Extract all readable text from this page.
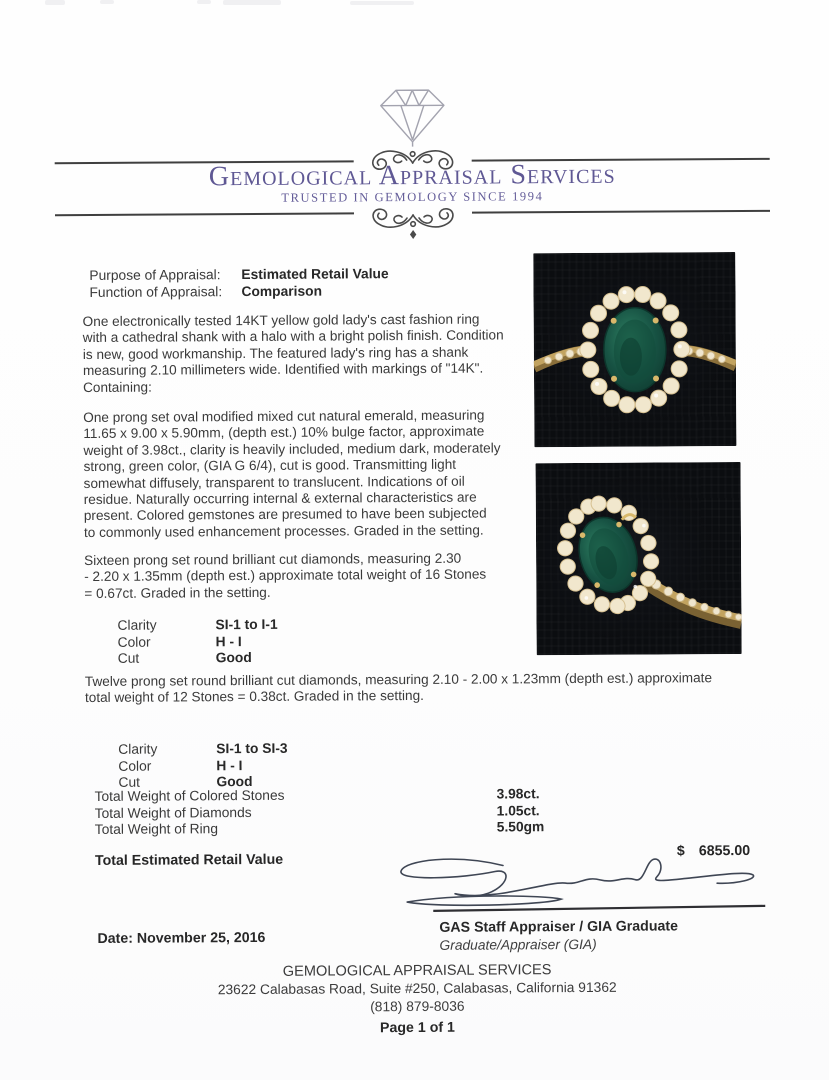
Gemological Appraisal Services
TRUSTED IN GEMOLOGY SINCE 1994
Purpose of Appraisal:	Estimated Retail Value
Function of Appraisal:	Comparison
One electronically tested 14KT yellow gold lady's cast fashion ring
with a cathedral shank with a halo with a bright polish finish. Condition
is new, good workmanship. The featured lady's ring has a shank
measuring 2.10 millimeters wide. Identified with markings of "14K".
Containing:
One prong set oval modified mixed cut natural emerald, measuring
11.65 x 9.00 x 5.90mm, (depth est.) 10% bulge factor, approximate
weight of 3.98ct., clarity is heavily included, medium dark, moderately
strong, green color, (GIA G 6/4), cut is good. Transmitting light
somewhat diffusely, transparent to translucent. Indications of oil
residue. Naturally occurring internal & external characteristics are
present. Colored gemstones are presumed to have been subjected
to commonly used enhancement processes. Graded in the setting.
Sixteen prong set round brilliant cut diamonds, measuring 2.30
- 2.20 x 1.35mm (depth est.) approximate total weight of 16 Stones
= 0.67ct. Graded in the setting.
Clarity	SI-1 to I-1
Color	H - I
Cut	Good
Twelve prong set round brilliant cut diamonds, measuring 2.10 - 2.00 x 1.23mm (depth est.) approximate
total weight of 12 Stones = 0.38ct. Graded in the setting.
Clarity	SI-1 to SI-3
Color	H - I
Cut	Good
Total Weight of Colored Stones	3.98ct.
Total Weight of Diamonds	1.05ct.
Total Weight of Ring	5.50gm
Total Estimated Retail Value
$ 6855.00
GAS Staff Appraiser / GIA Graduate
Graduate/Appraiser (GIA)
Date: November 25, 2016
GEMOLOGICAL APPRAISAL SERVICES
23622 Calabasas Road, Suite #250, Calabasas, California 91362
(818) 879-8036
Page 1 of 1
